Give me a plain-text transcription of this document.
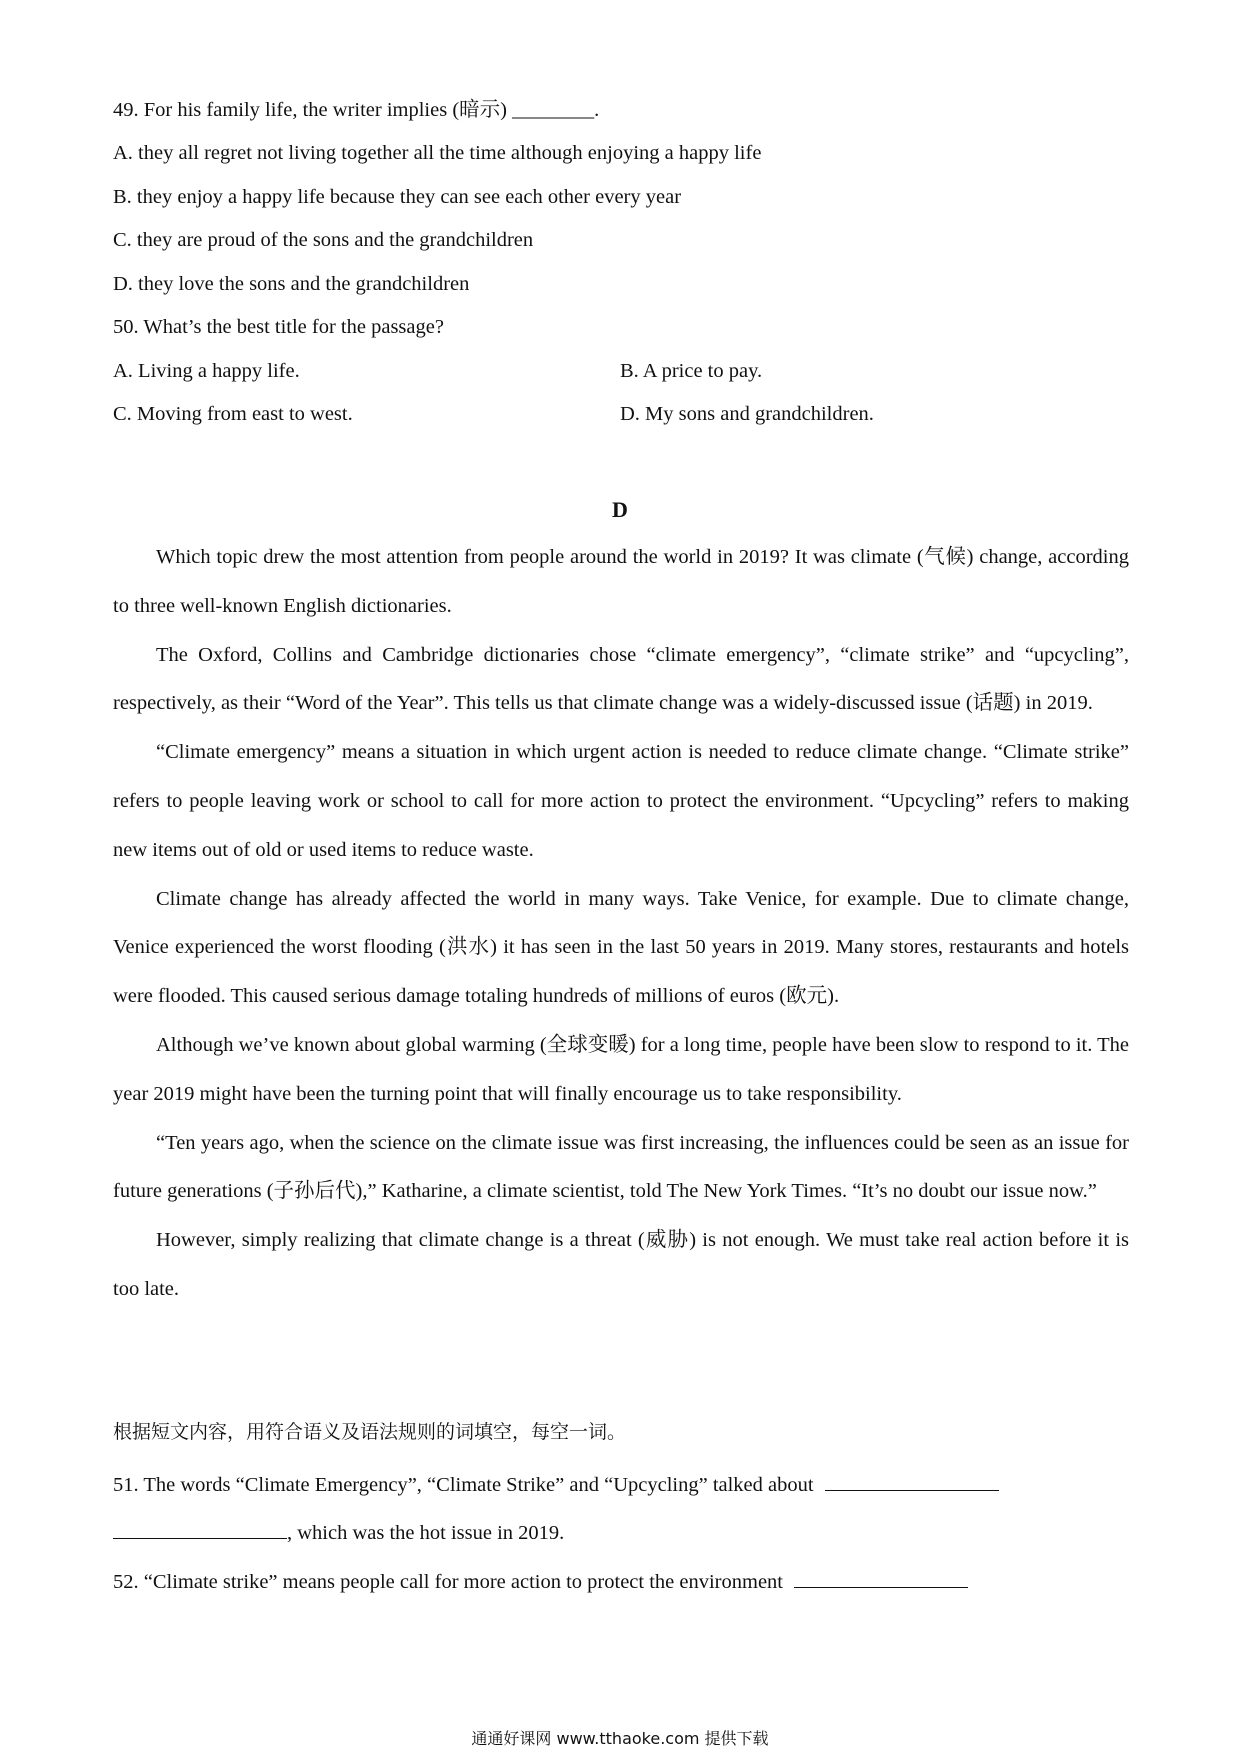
49. For his family life, the writer implies (暗示) ________.
A. they all regret not living together all the time although enjoying a happy life
B. they enjoy a happy life because they can see each other every year
C. they are proud of the sons and the grandchildren
D. they love the sons and the grandchildren
50. What’s the best title for the passage?
A. Living a happy life.	B. A price to pay.
C. Moving from east to west.	D. My sons and grandchildren.
D

Which topic drew the most attention from people around the world in 2019? It was climate (气候) change, according to three well-known English dictionaries.

The Oxford, Collins and Cambridge dictionaries chose “climate emergency”, “climate strike” and “upcycling”, respectively, as their “Word of the Year”. This tells us that climate change was a widely-discussed issue (话题) in 2019.

“Climate emergency” means a situation in which urgent action is needed to reduce climate change. “Climate strike” refers to people leaving work or school to call for more action to protect the environment. “Upcycling” refers to making new items out of old or used items to reduce waste.

Climate change has already affected the world in many ways. Take Venice, for example. Due to climate change, Venice experienced the worst flooding (洪水) it has seen in the last 50 years in 2019. Many stores, restaurants and hotels were flooded. This caused serious damage totaling hundreds of millions of euros (欧元).

Although we’ve known about global warming (全球变暖) for a long time, people have been slow to respond to it. The year 2019 might have been the turning point that will finally encourage us to take responsibility.

“Ten years ago, when the science on the climate issue was first increasing, the influences could be seen as an issue for future generations (子孙后代),” Katharine, a climate scientist, told The New York Times. “It’s no doubt our issue now.”

However, simply realizing that climate change is a threat (威胁) is not enough. We must take real action before it is too late.

根据短文内容，用符合语义及语法规则的词填空，每空一词。
51. The words “Climate Emergency”, “Climate Strike” and “Upcycling” talked about
, which was the hot issue in 2019.
52. “Climate strike” means people call for more action to protect the environment
通通好课网 www.tthaoke.com 提供下载
